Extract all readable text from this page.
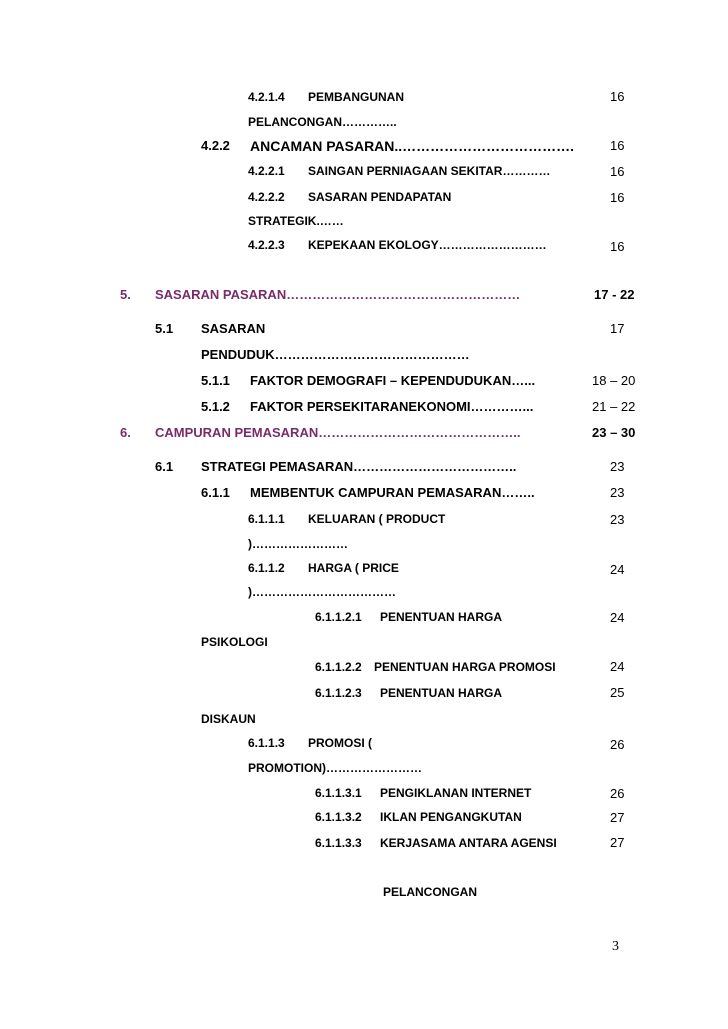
4.2.1.4 PEMBANGUNAN	16
PELANCONGAN…………..
4.2.2 ANCAMAN PASARAN..……………………………….	16
4.2.2.1 SAINGAN PERNIAGAAN SEKITAR…………	16
4.2.2.2 SASARAN PENDAPATAN	16
STRATEGIK.……
4.2.2.3 KEPEKAAN EKOLOGY………………………	16
5. SASARAN PASARAN………………………………………………	17 - 22
5.1 SASARAN	17
PENDUDUK………………………………………
5.1.1 FAKTOR DEMOGRAFI – KEPENDUDUKAN…...	18 – 20
5.1.2 FAKTOR PERSEKITARANEKONOMI…………...	21 – 22
6. CAMPURAN PEMASARAN………………………………………..	23 – 30
6.1 STRATEGI PEMASARAN………………………………..	23
6.1.1 MEMBENTUK CAMPURAN PEMASARAN……..	23
6.1.1.1 KELUARAN ( PRODUCT	23
)……………………
6.1.1.2 HARGA ( PRICE	24
)………………………………
6.1.1.2.1 PENENTUAN HARGA	24
PSIKOLOGI
6.1.1.2.2 PENENTUAN HARGA PROMOSI	24
6.1.1.2.3 PENENTUAN HARGA	25
DISKAUN
6.1.1.3 PROMOSI (	26
PROMOTION)……………………
6.1.1.3.1 PENGIKLANAN INTERNET	26
6.1.1.3.2 IKLAN PENGANGKUTAN	27
6.1.1.3.3 KERJASAMA ANTARA AGENSI	27
PELANCONGAN
3
